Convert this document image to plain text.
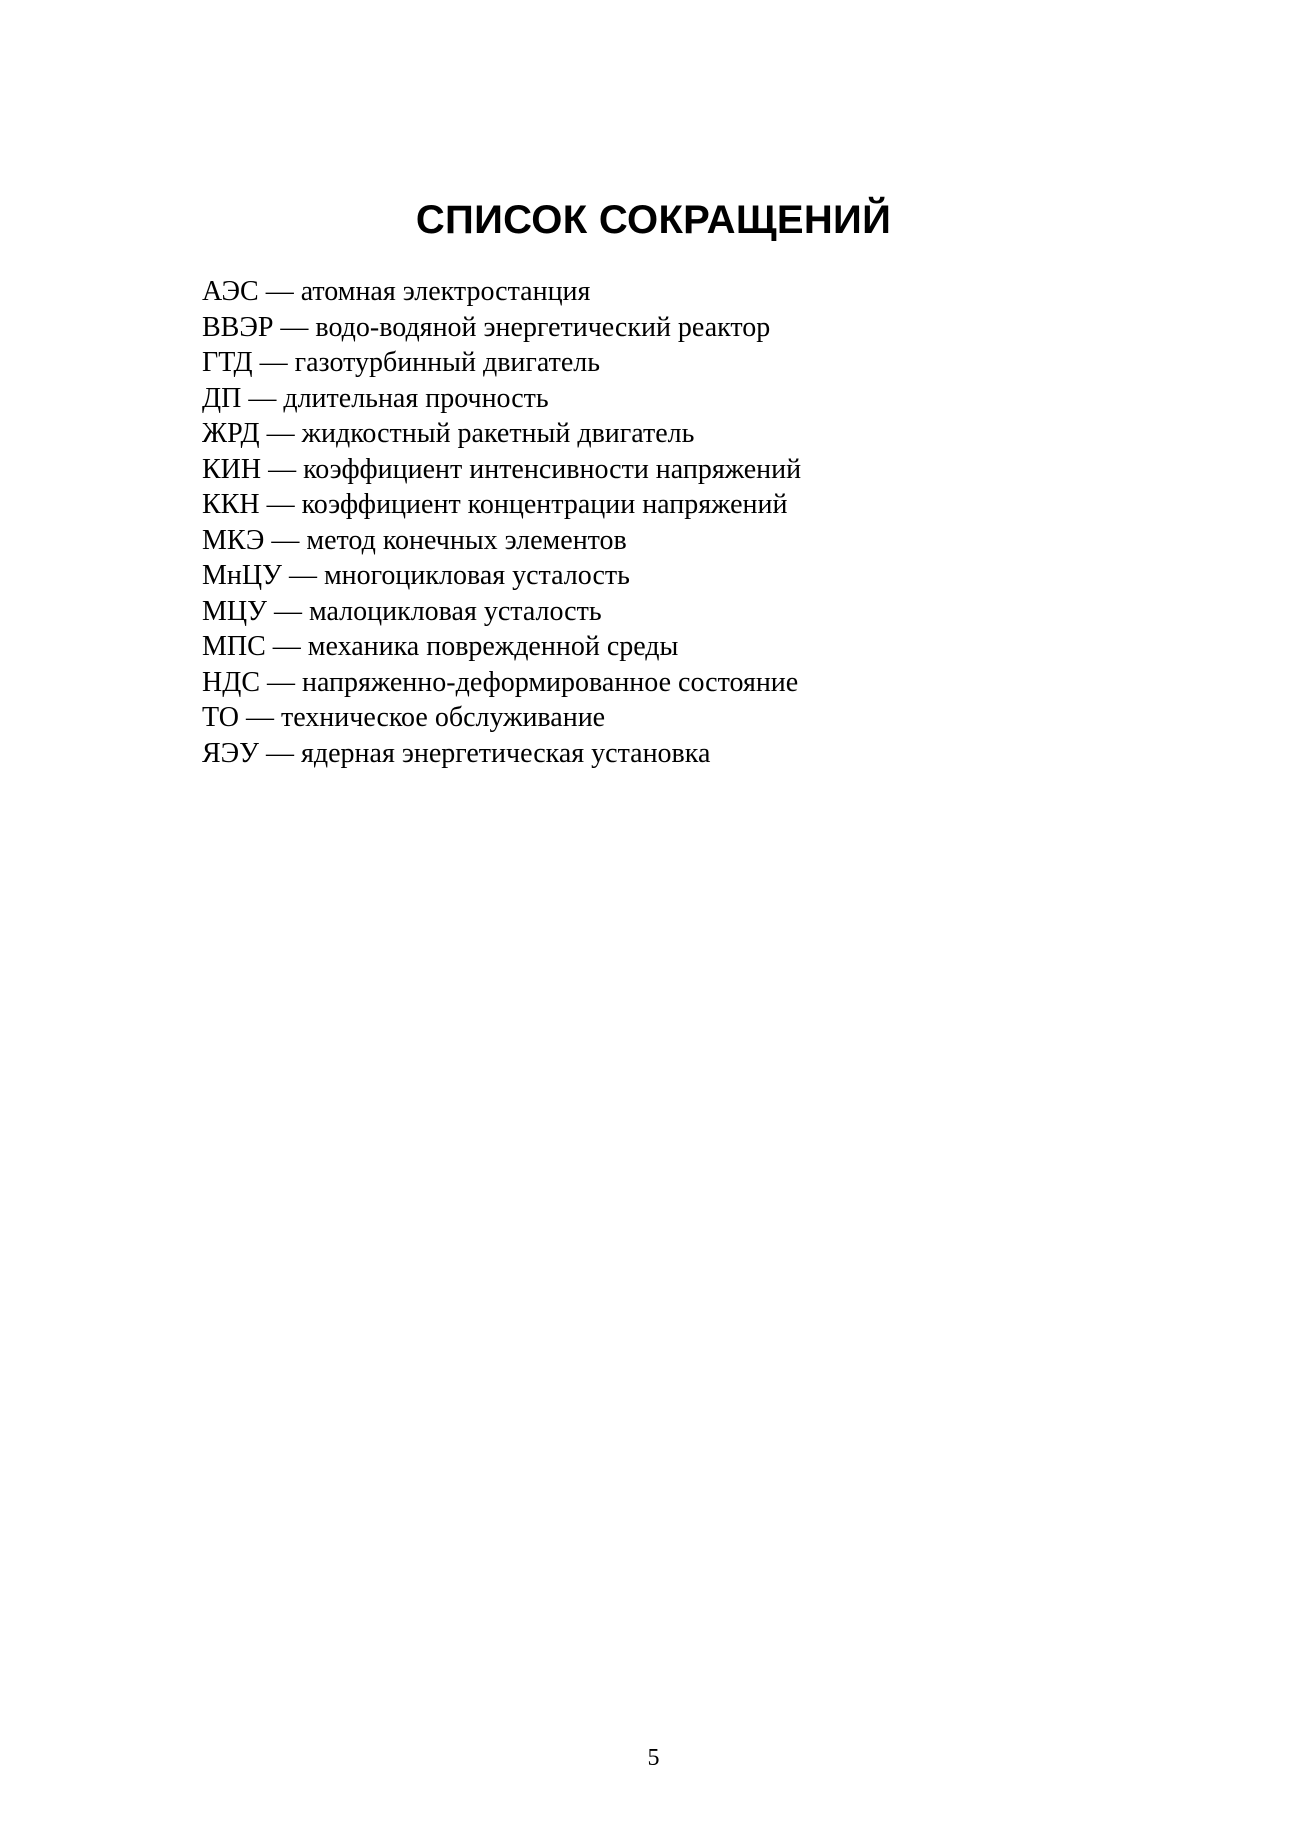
СПИСОК СОКРАЩЕНИЙ
АЭС — атомная электростанция
ВВЭР — водо-водяной энергетический реактор
ГТД — газотурбинный двигатель
ДП — длительная прочность
ЖРД — жидкостный ракетный двигатель
КИН — коэффициент интенсивности напряжений
ККН — коэффициент концентрации напряжений
МКЭ — метод конечных элементов
МнЦУ — многоцикловая усталость
МЦУ — малоцикловая усталость
МПС — механика поврежденной среды
НДС — напряженно-деформированное состояние
ТО — техническое обслуживание
ЯЭУ — ядерная энергетическая установка
5
